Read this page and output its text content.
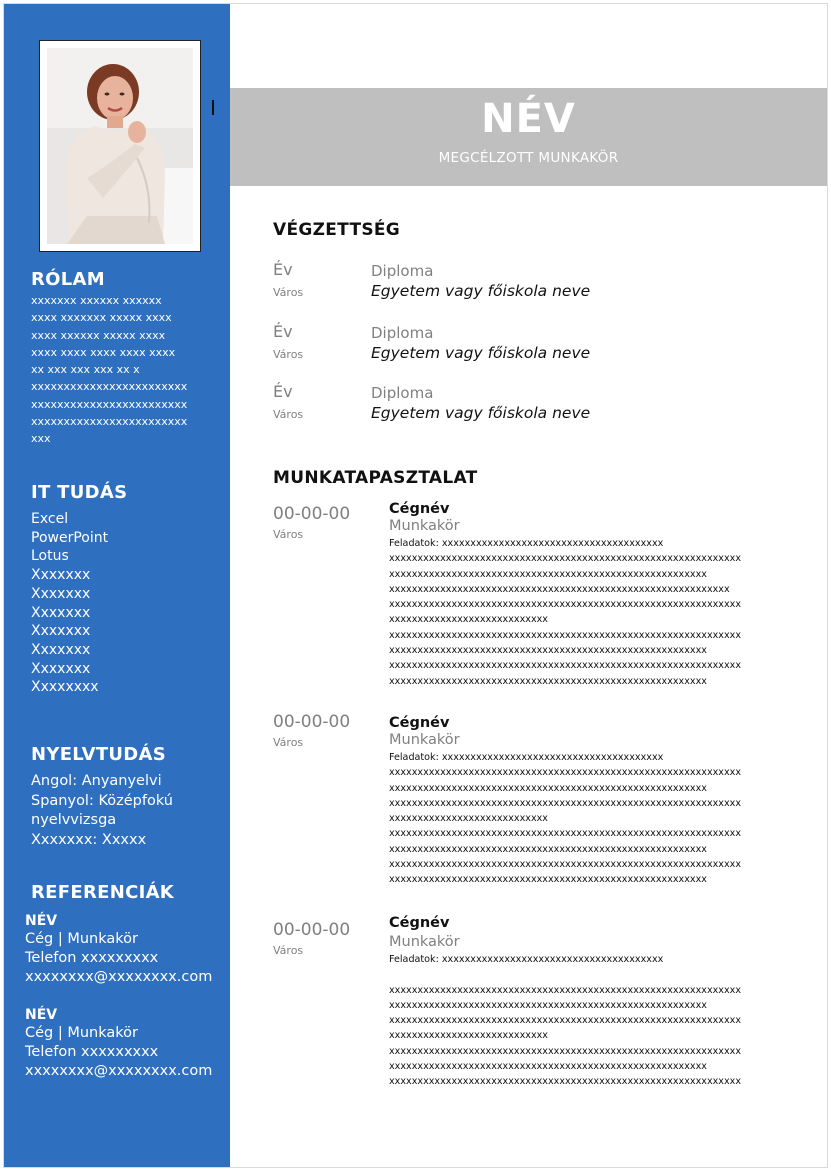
NÉV
MEGCÉLZOTT MUNKAKÖR
RÓLAM
xxxxxxx xxxxxx xxxxxx
xxxx xxxxxxx xxxxx xxxx
xxxx xxxxxx xxxxx xxxx
xxxx xxxx xxxx xxxx xxxx
xx xxx xxx xxx xx x
xxxxxxxxxxxxxxxxxxxxxxxx
xxxxxxxxxxxxxxxxxxxxxxxx
xxxxxxxxxxxxxxxxxxxxxxxx
xxx
IT TUDÁS
Excel
PowerPoint
Lotus
Xxxxxxx
Xxxxxxx
Xxxxxxx
Xxxxxxx
Xxxxxxx
Xxxxxxx
Xxxxxxxx
NYELVTUDÁS
Angol: Anyanyelvi
Spanyol: Középfokú
nyelvvizsga
Xxxxxxx: Xxxxx
REFERENCIÁK
NÉV
Cég | Munkakör
Telefon xxxxxxxxx
xxxxxxxx@xxxxxxxx.com
NÉV
Cég | Munkakör
Telefon xxxxxxxxx
xxxxxxxx@xxxxxxxx.com
VÉGZETTSÉG
Év
Város
Diploma
Egyetem vagy főiskola neve
Év
Város
Diploma
Egyetem vagy főiskola neve
Év
Város
Diploma
Egyetem vagy főiskola neve
MUNKATAPASZTALAT
00-00-00
Város
Cégnév
Munkakör
Feladatok: xxxxxxxxxxxxxxxxxxxxxxxxxxxxxxxxxxxxxxx
xxxxxxxxxxxxxxxxxxxxxxxxxxxxxxxxxxxxxxxxxxxxxxxxxxxxxxxxxxxxxx
xxxxxxxxxxxxxxxxxxxxxxxxxxxxxxxxxxxxxxxxxxxxxxxxxxxxxxxx
xxxxxxxxxxxxxxxxxxxxxxxxxxxxxxxxxxxxxxxxxxxxxxxxxxxxxxxxxxxx
xxxxxxxxxxxxxxxxxxxxxxxxxxxxxxxxxxxxxxxxxxxxxxxxxxxxxxxxxxxxxx
xxxxxxxxxxxxxxxxxxxxxxxxxxxx
xxxxxxxxxxxxxxxxxxxxxxxxxxxxxxxxxxxxxxxxxxxxxxxxxxxxxxxxxxxxxx
xxxxxxxxxxxxxxxxxxxxxxxxxxxxxxxxxxxxxxxxxxxxxxxxxxxxxxxx
xxxxxxxxxxxxxxxxxxxxxxxxxxxxxxxxxxxxxxxxxxxxxxxxxxxxxxxxxxxxxx
xxxxxxxxxxxxxxxxxxxxxxxxxxxxxxxxxxxxxxxxxxxxxxxxxxxxxxxx
00-00-00
Város
Cégnév
Munkakör
Feladatok: xxxxxxxxxxxxxxxxxxxxxxxxxxxxxxxxxxxxxxx
xxxxxxxxxxxxxxxxxxxxxxxxxxxxxxxxxxxxxxxxxxxxxxxxxxxxxxxxxxxxxx
xxxxxxxxxxxxxxxxxxxxxxxxxxxxxxxxxxxxxxxxxxxxxxxxxxxxxxxx
xxxxxxxxxxxxxxxxxxxxxxxxxxxxxxxxxxxxxxxxxxxxxxxxxxxxxxxxxxxxxx
xxxxxxxxxxxxxxxxxxxxxxxxxxxx
xxxxxxxxxxxxxxxxxxxxxxxxxxxxxxxxxxxxxxxxxxxxxxxxxxxxxxxxxxxxxx
xxxxxxxxxxxxxxxxxxxxxxxxxxxxxxxxxxxxxxxxxxxxxxxxxxxxxxxx
xxxxxxxxxxxxxxxxxxxxxxxxxxxxxxxxxxxxxxxxxxxxxxxxxxxxxxxxxxxxxx
xxxxxxxxxxxxxxxxxxxxxxxxxxxxxxxxxxxxxxxxxxxxxxxxxxxxxxxx
00-00-00
Város
Cégnév
Munkakör
Feladatok: xxxxxxxxxxxxxxxxxxxxxxxxxxxxxxxxxxxxxxx
xxxxxxxxxxxxxxxxxxxxxxxxxxxxxxxxxxxxxxxxxxxxxxxxxxxxxxxxxxxxxx
xxxxxxxxxxxxxxxxxxxxxxxxxxxxxxxxxxxxxxxxxxxxxxxxxxxxxxxx
xxxxxxxxxxxxxxxxxxxxxxxxxxxxxxxxxxxxxxxxxxxxxxxxxxxxxxxxxxxxxx
xxxxxxxxxxxxxxxxxxxxxxxxxxxx
xxxxxxxxxxxxxxxxxxxxxxxxxxxxxxxxxxxxxxxxxxxxxxxxxxxxxxxxxxxxxx
xxxxxxxxxxxxxxxxxxxxxxxxxxxxxxxxxxxxxxxxxxxxxxxxxxxxxxxx
xxxxxxxxxxxxxxxxxxxxxxxxxxxxxxxxxxxxxxxxxxxxxxxxxxxxxxxxxxxxxx
